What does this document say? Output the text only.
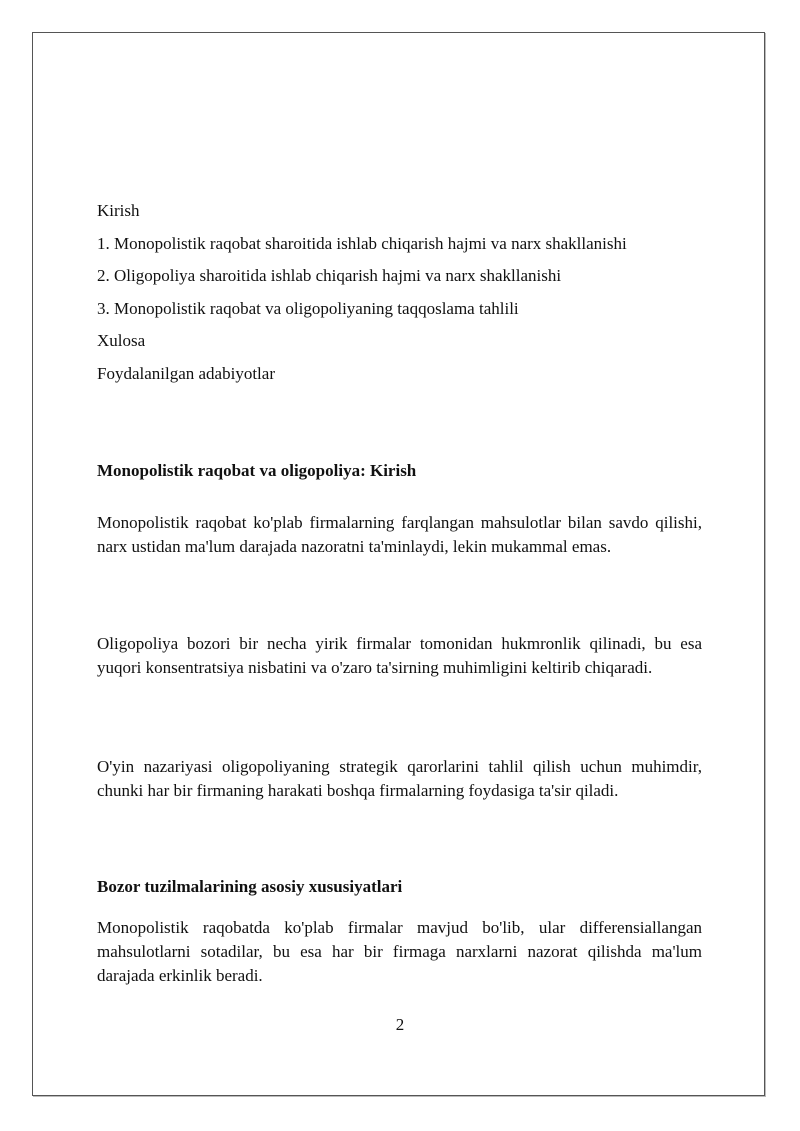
Kirish
1. Monopolistik raqobat sharoitida ishlab chiqarish hajmi va narx shakllanishi
2. Oligopoliya sharoitida ishlab chiqarish hajmi va narx shakllanishi
3. Monopolistik raqobat va oligopoliyaning taqqoslama tahlili
Xulosa
Foydalanilgan adabiyotlar
Monopolistik raqobat va oligopoliya: Kirish

Monopolistik raqobat ko'plab firmalarning farqlangan mahsulotlar bilan savdo qilishi, narx ustidan ma'lum darajada nazoratni ta'minlaydi, lekin mukammal emas.

Oligopoliya bozori bir necha yirik firmalar tomonidan hukmronlik qilinadi, bu esa yuqori konsentratsiya nisbatini va o'zaro ta'sirning muhimligini keltirib chiqaradi.

O'yin nazariyasi oligopoliyaning strategik qarorlarini tahlil qilish uchun muhimdir, chunki har bir firmaning harakati boshqa firmalarning foydasiga ta'sir qiladi.

Bozor tuzilmalarining asosiy xususiyatlari

Monopolistik raqobatda ko'plab firmalar mavjud bo'lib, ular differensiallangan mahsulotlarni sotadilar, bu esa har bir firmaga narxlarni nazorat qilishda ma'lum darajada erkinlik beradi.

2
